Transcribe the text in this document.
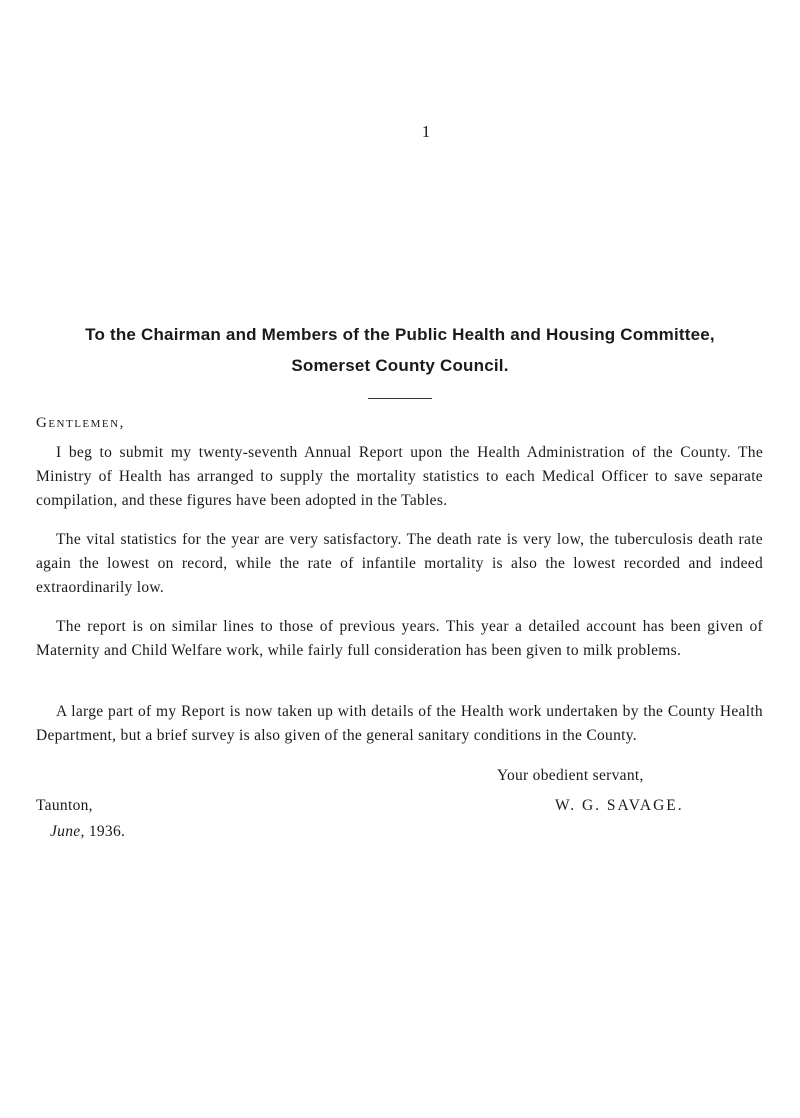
1
To the Chairman and Members of the Public Health and Housing Committee,
Somerset County Council.
Gentlemen,

I beg to submit my twenty-seventh Annual Report upon the Health Administration of the County. The Ministry of Health has arranged to supply the mortality statistics to each Medical Officer to save separate compilation, and these figures have been adopted in the Tables.

The vital statistics for the year are very satisfactory. The death rate is very low, the tuberculosis death rate again the lowest on record, while the rate of infantile mortality is also the lowest recorded and indeed extraordinarily low.

The report is on similar lines to those of previous years. This year a detailed account has been given of Maternity and Child Welfare work, while fairly full consideration has been given to milk problems.

A large part of my Report is now taken up with details of the Health work undertaken by the County Health Department, but a brief survey is also given of the general sanitary conditions in the County.

Your obedient servant,
Taunton,	W. G. SAVAGE.
June, 1936.
